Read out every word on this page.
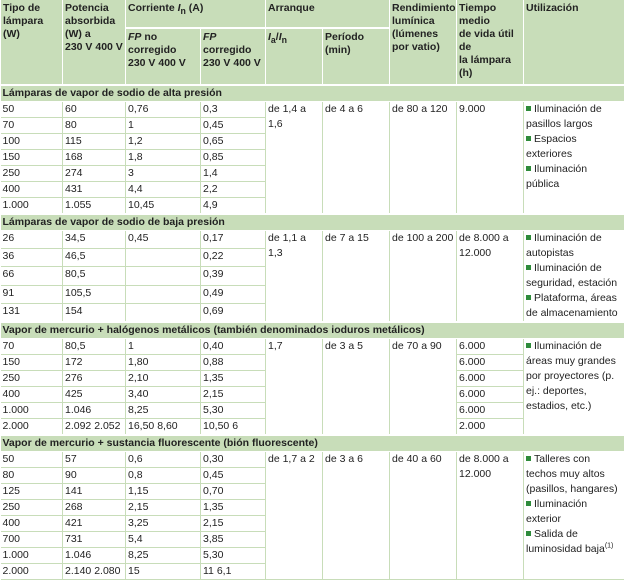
Tipo de
lámpara
(W)	Potencia
absorbida
(W) a
230 V 400 V	Corriente $I_n$ (A)		Arranque		Rendimiento
lumínica
(lúmenes
por vatio)	Tiempo medio
de vida útil de
la lámpara (h)	Utilización
		FP no
corregido
230 V 400 V	FP
corregido
230 V 400 V	$I_a/I_n$	Período
(min)			
Lámparas de vapor de sodio de alta presión								
50	60	0,76	0,3	de 1,4 a 1,6	de 4 a 6	de 80 a 120	9.000	Iluminación de pasillos largos
Espacios exteriores
Iluminación pública

70	80	1	0,45					
100	115	1,2	0,65					
150	168	1,8	0,85					
250	274	3	1,4					
400	431	4,4	2,2					
1.000	1.055	10,45	4,9					
Lámparas de vapor de sodio de baja presión								
26	34,5	0,45	0,17	de 1,1 a 1,3	de 7 a 15	de 100 a 200	de 8.000 a 12.000	Iluminación de autopistas
Iluminación de seguridad, estación
Plataforma, áreas de almacenamiento

36	46,5		0,22					
66	80,5		0,39					
91	105,5		0,49					
131	154		0,69					
Vapor de mercurio + halógenos metálicos (también denominados ioduros metálicos)								
70	80,5	1	0,40	1,7	de 3 a 5	de 70 a 90	6.000	Iluminación de áreas muy grandes por proyectores (p. ej.: deportes, estadios, etc.)

150	172	1,80	0,88				6.000	
250	276	2,10	1,35				6.000	
400	425	3,40	2,15				6.000	
1.000	1.046	8,25	5,30				6.000	
2.000	2.092 2.052	16,50 8,60	10,50 6				2.000	
Vapor de mercurio + sustancia fluorescente (bión fluorescente)								
50	57	0,6	0,30	de 1,7 a 2	de 3 a 6	de 40 a 60	de 8.000 a 12.000	Talleres con techos muy altos (pasillos, hangares)
Iluminación exterior
Salida de luminosidad baja$^{(1)}$

80	90	0,8	0,45					
125	141	1,15	0,70					
250	268	2,15	1,35					
400	421	3,25	2,15					
700	731	5,4	3,85					
1.000	1.046	8,25	5,30					
2.000	2.140 2.080	15	11 6,1					
